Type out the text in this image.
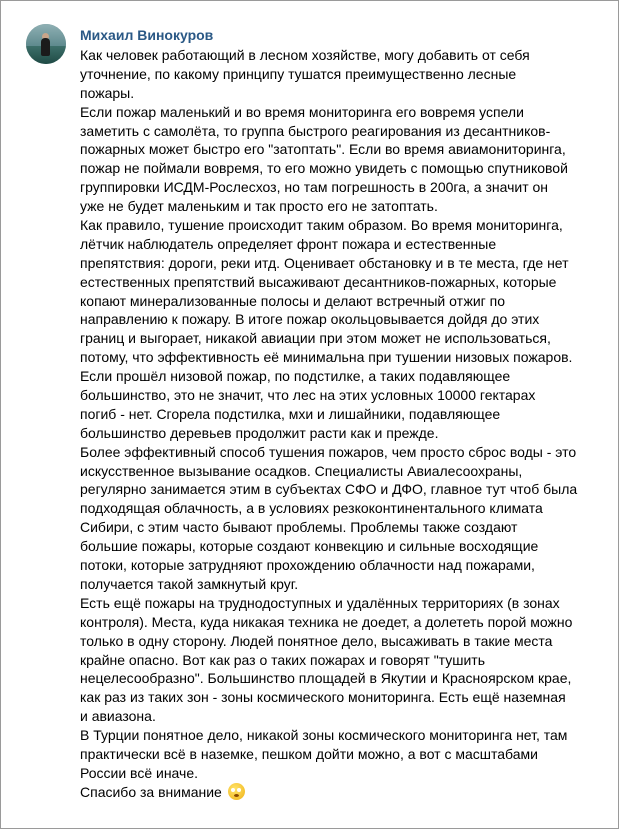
Михаил Винокуров
Как человек работающий в лесном хозяйстве, могу добавить от себя
уточнение, по какому принципу тушатся преимущественно лесные
пожары.
Если пожар маленький и во время мониторинга его вовремя успели
заметить с самолёта, то группа быстрого реагирования из десантников-
пожарных может быстро его "затоптать". Если во время авиамониторинга,
пожар не поймали вовремя, то его можно увидеть с помощью спутниковой
группировки ИСДМ-Рослесхоз, но там погрешность в 200га, а значит он
уже не будет маленьким и так просто его не затоптать.
Как правило, тушение происходит таким образом. Во время мониторинга,
лётчик наблюдатель определяет фронт пожара и естественные
препятствия: дороги, реки итд. Оценивает обстановку и в те места, где нет
естественных препятствий высаживают десантников-пожарных, которые
копают минерализованные полосы и делают встречный отжиг по
направлению к пожару. В итоге пожар окольцовывается дойдя до этих
границ и выгорает, никакой авиации при этом может не использоваться,
потому, что эффективность её минимальна при тушении низовых пожаров.
Если прошёл низовой пожар, по подстилке, а таких подавляющее
большинство, это не значит, что лес на этих условных 10000 гектарах
погиб - нет. Сгорела подстилка, мхи и лишайники, подавляющее
большинство деревьев продолжит расти как и прежде.
Более эффективный способ тушения пожаров, чем просто сброс воды - это
искусственное вызывание осадков. Специалисты Авиалесоохраны,
регулярно занимается этим в субъектах СФО и ДФО, главное тут чтоб была
подходящая облачность, а в условиях резкоконтинентального климата
Сибири, с этим часто бывают проблемы. Проблемы также создают
большие пожары, которые создают конвекцию и сильные восходящие
потоки, которые затрудняют прохождению облачности над пожарами,
получается такой замкнутый круг.
Есть ещё пожары на труднодоступных и удалённых территориях (в зонах
контроля). Места, куда никакая техника не доедет, а долететь порой можно
только в одну сторону. Людей понятное дело, высаживать в такие места
крайне опасно. Вот как раз о таких пожарах и говорят "тушить
нецелесообразно". Большинство площадей в Якутии и Красноярском крае,
как раз из таких зон - зоны космического мониторинга. Есть ещё наземная
и авиазона.
В Турции понятное дело, никакой зоны космического мониторинга нет, там
практически всё в наземке, пешком дойти можно, а вот с масштабами
России всё иначе.
Спасибо за внимание
